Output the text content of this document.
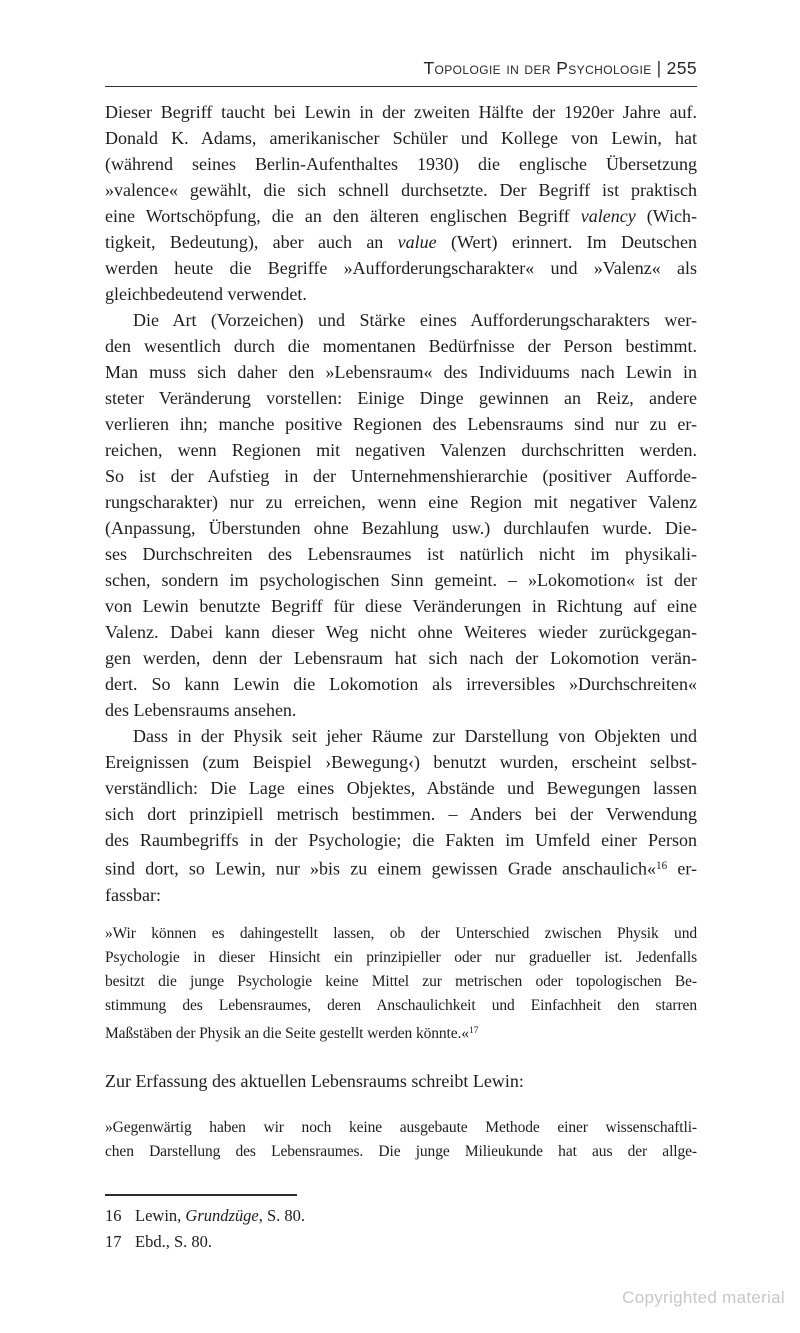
Topologie in der Psychologie | 255
Dieser Begriff taucht bei Lewin in der zweiten Hälfte der 1920er Jahre auf.
Donald K. Adams, amerikanischer Schüler und Kollege von Lewin, hat
(während seines Berlin-Aufenthaltes 1930) die englische Übersetzung
»valence« gewählt, die sich schnell durchsetzte. Der Begriff ist praktisch
eine Wortschöpfung, die an den älteren englischen Begriff valency (Wich-
tigkeit, Bedeutung), aber auch an value (Wert) erinnert. Im Deutschen
werden heute die Begriffe »Aufforderungscharakter« und »Valenz« als
gleichbedeutend verwendet.
Die Art (Vorzeichen) und Stärke eines Aufforderungscharakters wer-
den wesentlich durch die momentanen Bedürfnisse der Person bestimmt.
Man muss sich daher den »Lebensraum« des Individuums nach Lewin in
steter Veränderung vorstellen: Einige Dinge gewinnen an Reiz, andere
verlieren ihn; manche positive Regionen des Lebensraums sind nur zu er-
reichen, wenn Regionen mit negativen Valenzen durchschritten werden.
So ist der Aufstieg in der Unternehmenshierarchie (positiver Aufforde-
rungscharakter) nur zu erreichen, wenn eine Region mit negativer Valenz
(Anpassung, Überstunden ohne Bezahlung usw.) durchlaufen wurde. Die-
ses Durchschreiten des Lebensraumes ist natürlich nicht im physikali-
schen, sondern im psychologischen Sinn gemeint. – »Lokomotion« ist der
von Lewin benutzte Begriff für diese Veränderungen in Richtung auf eine
Valenz. Dabei kann dieser Weg nicht ohne Weiteres wieder zurückgegan-
gen werden, denn der Lebensraum hat sich nach der Lokomotion verän-
dert. So kann Lewin die Lokomotion als irreversibles »Durchschreiten«
des Lebensraums ansehen.
Dass in der Physik seit jeher Räume zur Darstellung von Objekten und
Ereignissen (zum Beispiel ›Bewegung‹) benutzt wurden, erscheint selbst-
verständlich: Die Lage eines Objektes, Abstände und Bewegungen lassen
sich dort prinzipiell metrisch bestimmen. – Anders bei der Verwendung
des Raumbegriffs in der Psychologie; die Fakten im Umfeld einer Person
sind dort, so Lewin, nur »bis zu einem gewissen Grade anschaulich«$^{16}$ er-
fassbar:
»Wir können es dahingestellt lassen, ob der Unterschied zwischen Physik und
Psychologie in dieser Hinsicht ein prinzipieller oder nur gradueller ist. Jedenfalls
besitzt die junge Psychologie keine Mittel zur metrischen oder topologischen Be-
stimmung des Lebensraumes, deren Anschaulichkeit und Einfachheit den starren
Maßstäben der Physik an die Seite gestellt werden könnte.«$^{17}$
Zur Erfassung des aktuellen Lebensraums schreibt Lewin:
»Gegenwärtig haben wir noch keine ausgebaute Methode einer wissenschaftli-
chen Darstellung des Lebensraumes. Die junge Milieukunde hat aus der allge-
16 Lewin, Grundzüge, S. 80.
17 Ebd., S. 80.
Copyrighted material
